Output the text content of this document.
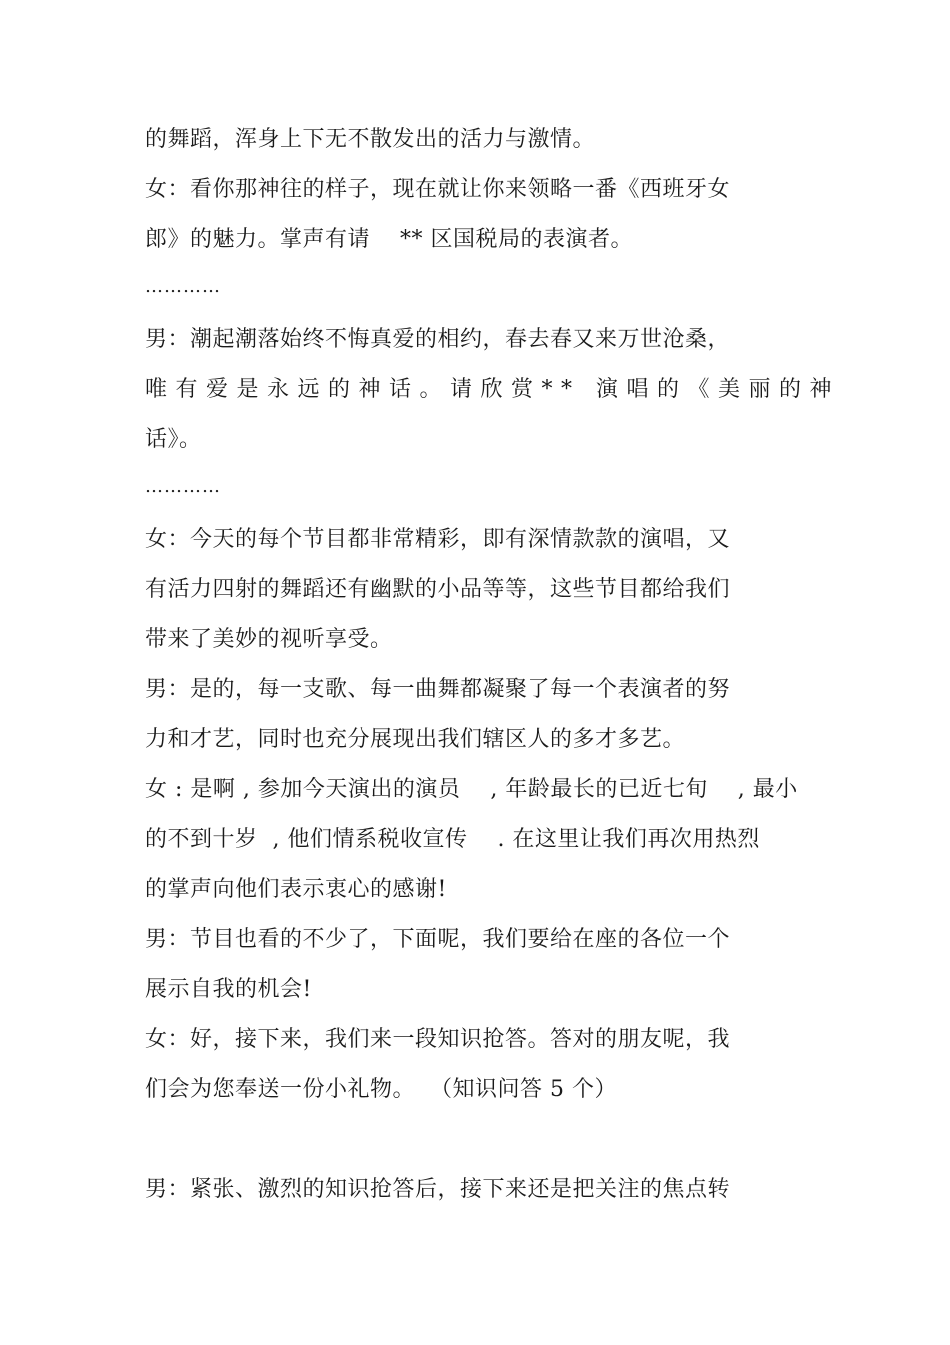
的舞蹈，浑身上下无不散发出的活力与激情。
女：看你那神往的样子，现在就让你来领略一番《西班牙女
郎》的魅力。掌声有请    ** 区国税局的表演者。
…………
男：潮起潮落始终不悔真爱的相约，春去春又来万世沧桑，
唯有爱是永远的神话。请欣赏** 演唱的《美丽的神
话》。
…………
女：今天的每个节目都非常精彩，即有深情款款的演唱，又
有活力四射的舞蹈还有幽默的小品等等，这些节目都给我们
带来了美妙的视听享受。
男：是的，每一支歌、每一曲舞都凝聚了每一个表演者的努
力和才艺，同时也充分展现出我们辖区人的多才多艺。
女 : 是啊 , 参加今天演出的演员    , 年龄最长的已近七旬    , 最小
的不到十岁  , 他们情系税收宣传    . 在这里让我们再次用热烈
的掌声向他们表示衷心的感谢!
男：节目也看的不少了，下面呢，我们要给在座的各位一个
展示自我的机会!
女：好，接下来，我们来一段知识抢答。答对的朋友呢，我
们会为您奉送一份小礼物。  （知识问答 5 个）
男：紧张、激烈的知识抢答后，接下来还是把关注的焦点转
